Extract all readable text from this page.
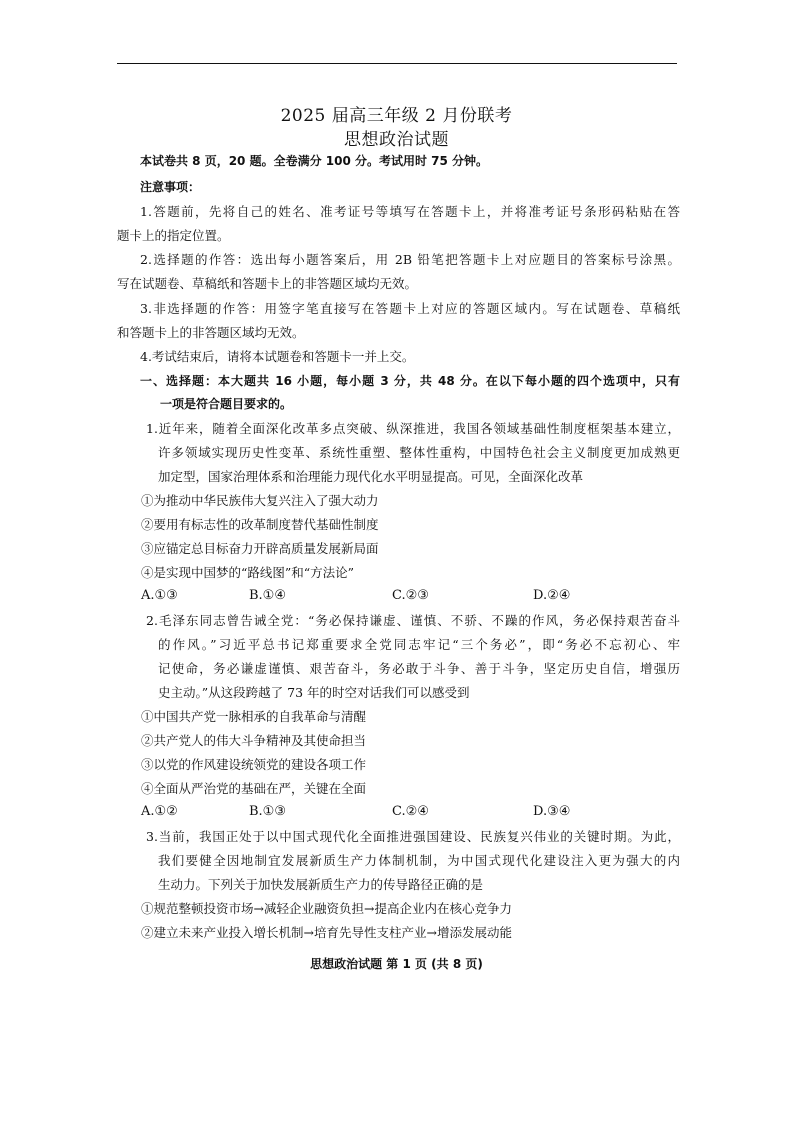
2025 届高三年级 2 月份联考
思想政治试题
本试卷共 8 页，20 题。全卷满分 100 分。考试用时 75 分钟。
注意事项：
1.答题前，先将自己的姓名、准考证号等填写在答题卡上，并将准考证号条形码粘贴在答
题卡上的指定位置。
2.选择题的作答：选出每小题答案后，用 2B 铅笔把答题卡上对应题目的答案标号涂黑。
写在试题卷、草稿纸和答题卡上的非答题区域均无效。
3.非选择题的作答：用签字笔直接写在答题卡上对应的答题区域内。写在试题卷、草稿纸
和答题卡上的非答题区域均无效。
4.考试结束后，请将本试题卷和答题卡一并上交。
一、选择题：本大题共 16 小题，每小题 3 分，共 48 分。在以下每小题的四个选项中，只有
一项是符合题目要求的。
1.近年来，随着全面深化改革多点突破、纵深推进，我国各领域基础性制度框架基本建立，
许多领域实现历史性变革、系统性重塑、整体性重构，中国特色社会主义制度更加成熟更
加定型，国家治理体系和治理能力现代化水平明显提高。可见，全面深化改革
①为推动中华民族伟大复兴注入了强大动力
②要用有标志性的改革制度替代基础性制度
③应锚定总目标奋力开辟高质量发展新局面
④是实现中国梦的“路线图”和“方法论”
A.①③	B.①④	C.②③	D.②④
2.毛泽东同志曾告诫全党：“务必保持谦虚、谨慎、不骄、不躁的作风，务必保持艰苦奋斗
的作风。”习近平总书记郑重要求全党同志牢记“三个务必”，即“务必不忘初心、牢
记使命，务必谦虚谨慎、艰苦奋斗，务必敢于斗争、善于斗争，坚定历史自信，增强历
史主动。”从这段跨越了 73 年的时空对话我们可以感受到
①中国共产党一脉相承的自我革命与清醒
②共产党人的伟大斗争精神及其使命担当
③以党的作风建设统领党的建设各项工作
④全面从严治党的基础在严，关键在全面
A.①②	B.①③	C.②④	D.③④
3.当前，我国正处于以中国式现代化全面推进强国建设、民族复兴伟业的关键时期。为此，
我们要健全因地制宜发展新质生产力体制机制，为中国式现代化建设注入更为强大的内
生动力。下列关于加快发展新质生产力的传导路径正确的是
①规范整顿投资市场→减轻企业融资负担→提高企业内在核心竞争力
②建立未来产业投入增长机制→培育先导性支柱产业→增添发展动能
思想政治试题 第 1 页 (共 8 页)
